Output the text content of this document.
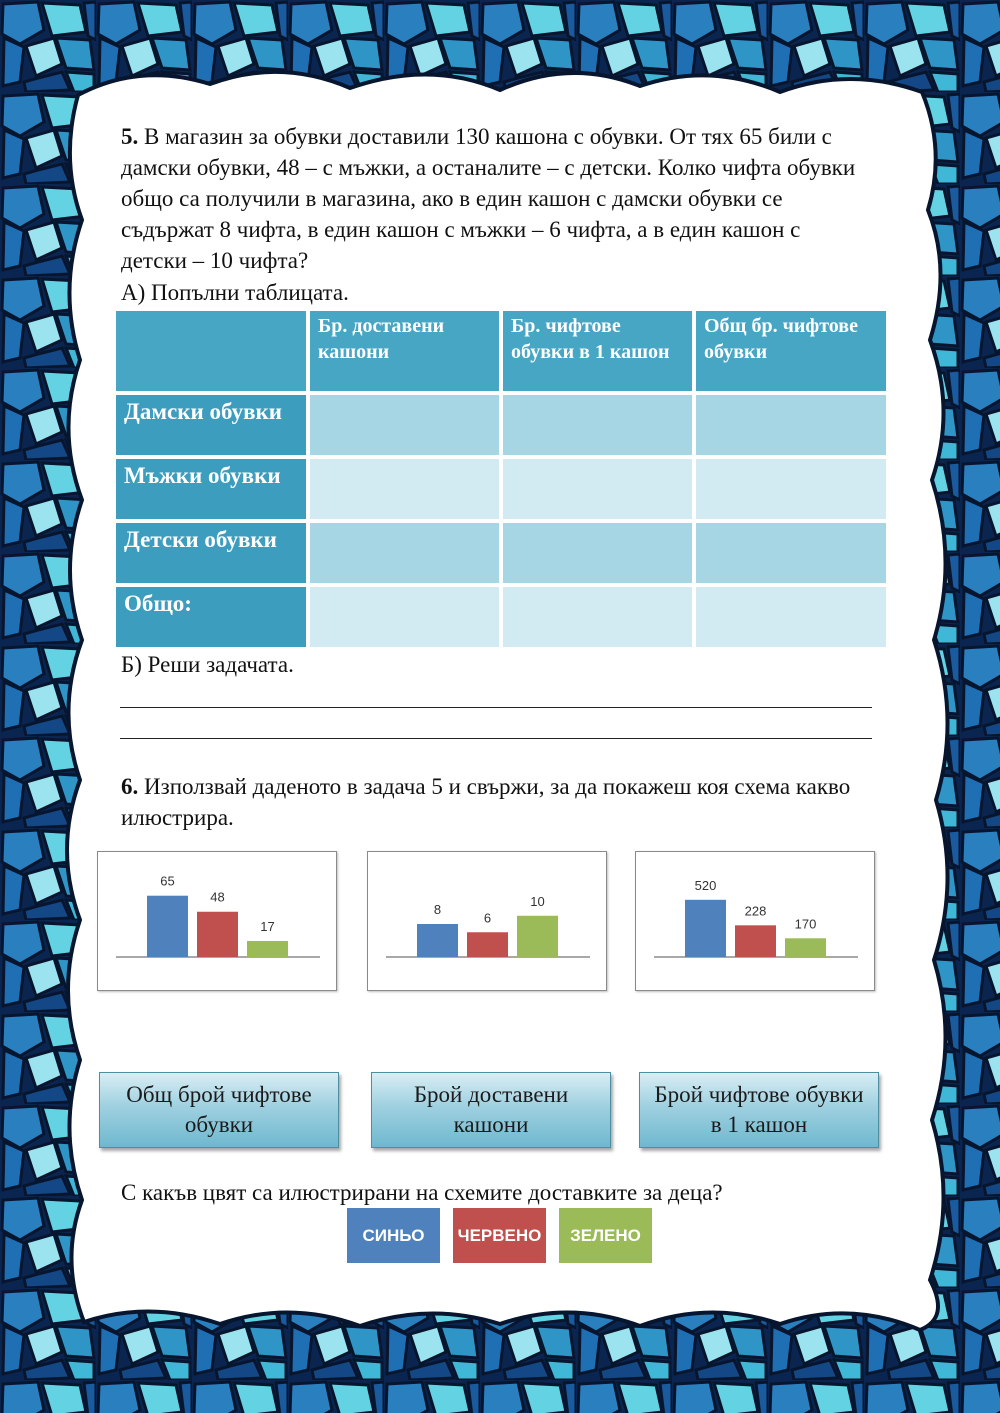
5. В магазин за обувки доставили 130 кашона с обувки. От тях 65 били с дамски обувки, 48 – с мъжки, а останалите – с детски. Колко чифта обувки общо са получили в магазина, ако в един кашон с дамски обувки се съдържат 8 чифта, в един кашон с мъжки – 6 чифта, а в един кашон с детски – 10 чифта?

А) Попълни таблицата.

	Бр. доставени кашони	Бр. чифтове обувки в 1 кашон	Общ бр. чифтове обувки
Дамски обувки			
Мъжки обувки			
Детски обувки			
Общо:			

Б) Реши задачата.

6. Използвай даденото в задача 5 и свържи, за да покажеш коя схема какво илюстрира.

65
48
17
8
6
10
520
228
170
Общ брой чифтове обувки
Брой доставени кашони
Брой чифтове обувки в 1 кашон

С какъв цвят са илюстрирани на схемите доставките за деца?

СИНЬО	ЧЕРВЕНО	ЗЕЛЕНО
